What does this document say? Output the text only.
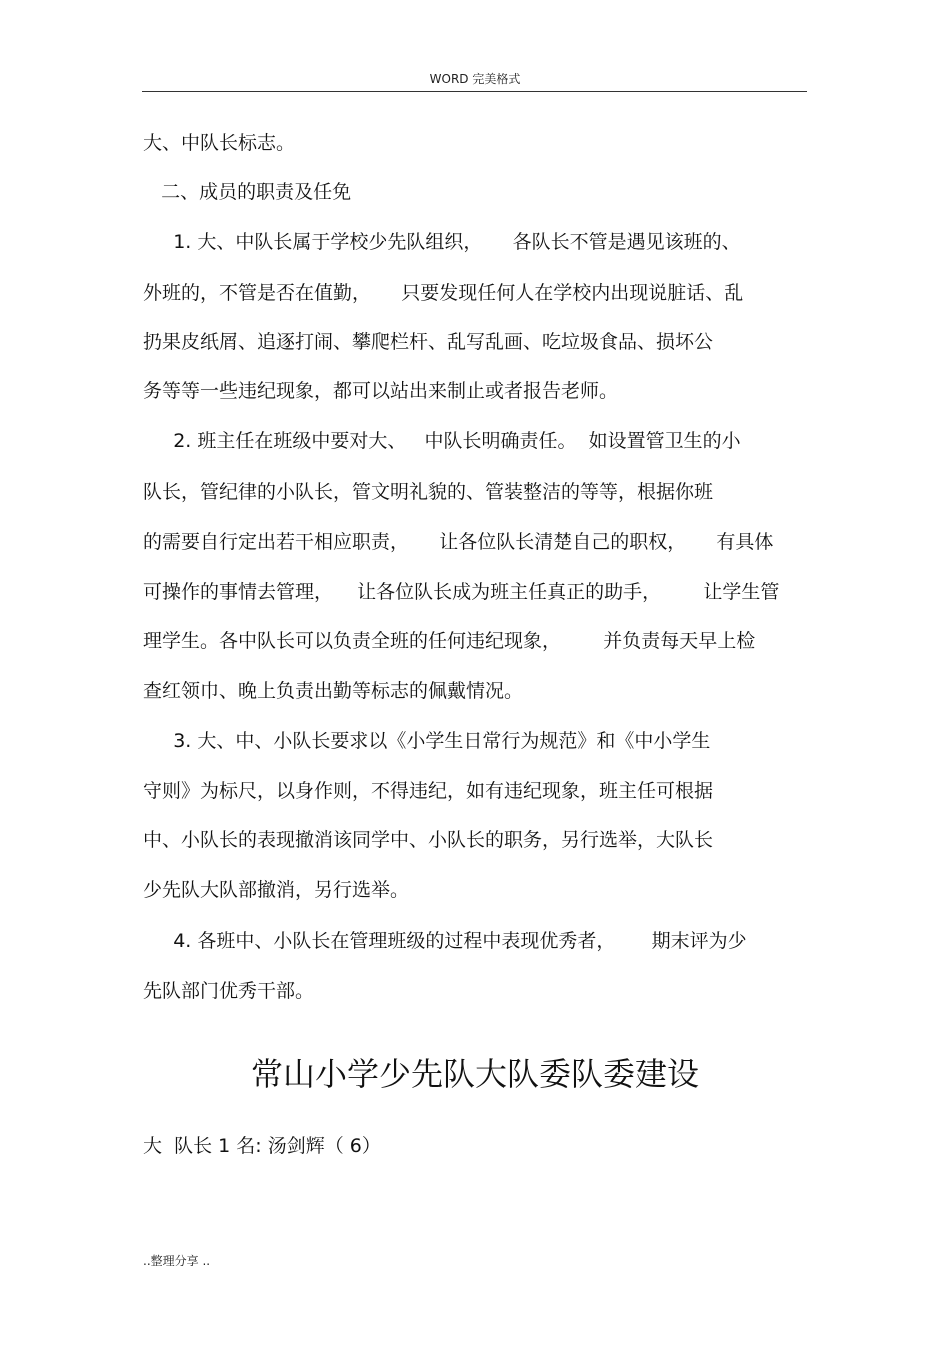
WORD 完美格式

大、中队长标志。

二、成员的职责及任免

1. 大、中队长属于学校少先队组织，     各队长不管是遇见该班的、

外班的，不管是否在值勤，     只要发现任何人在学校内出现说脏话、乱

扔果皮纸屑、追逐打闹、攀爬栏杆、乱写乱画、吃垃圾食品、损坏公

务等等一些违纪现象，都可以站出来制止或者报告老师。

2. 班主任在班级中要对大、   中队长明确责任。  如设置管卫生的小

队长，管纪律的小队长，管文明礼貌的、管装整洁的等等，根据你班

的需要自行定出若干相应职责，     让各位队长清楚自己的职权，     有具体

可操作的事情去管理，    让各位队长成为班主任真正的助手，       让学生管

理学生。各中队长可以负责全班的任何违纪现象，       并负责每天早上检

查红领巾、晚上负责出勤等标志的佩戴情况。

3. 大、中、小队长要求以《小学生日常行为规范》和《中小学生

守则》为标尺，以身作则，不得违纪，如有违纪现象，班主任可根据

中、小队长的表现撤消该同学中、小队长的职务，另行选举，大队长

少先队大队部撤消，另行选举。

4. 各班中、小队长在管理班级的过程中表现优秀者，      期末评为少

先队部门优秀干部。

常山小学少先队大队委队委建设

大  队长 1 名: 汤剑辉（ 6）

..整理分享 ..
